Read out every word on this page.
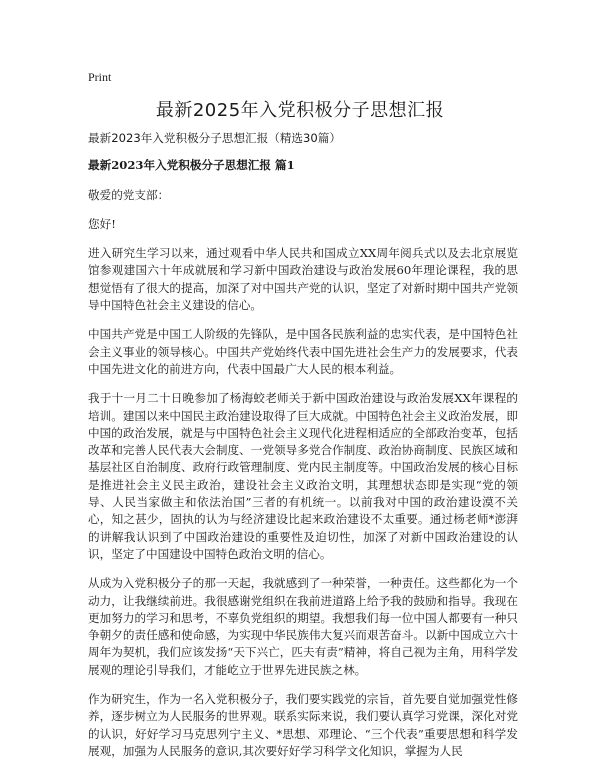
Print
最新2025年入党积极分子思想汇报

最新2023年入党积极分子思想汇报（精选30篇）

最新2023年入党积极分子思想汇报 篇1

敬爱的党支部：

您好!

进入研究生学习以来，通过观看中华人民共和国成立XX周年阅兵式以及去北京展览馆参观建国六十年成就展和学习新中国政治建设与政治发展60年理论课程，我的思想觉悟有了很大的提高，加深了对中国共产党的认识，坚定了对新时期中国共产党领导中国特色社会主义建设的信心。

中国共产党是中国工人阶级的先锋队，是中国各民族利益的忠实代表，是中国特色社会主义事业的领导核心。中国共产党始终代表中国先进社会生产力的发展要求，代表中国先进文化的前进方向，代表中国最广大人民的根本利益。

我于十一月二十日晚参加了杨海蛟老师关于新中国政治建设与政治发展XX年课程的培训。建国以来中国民主政治建设取得了巨大成就。中国特色社会主义政治发展，即中国的政治发展，就是与中国特色社会主义现代化进程相适应的全部政治变革，包括改革和完善人民代表大会制度、一党领导多党合作制度、政治协商制度、民族区域和基层社区自治制度、政府行政管理制度、党内民主制度等。中国政治发展的核心目标是推进社会主义民主政治，建设社会主义政治文明，其理想状态即是实现“党的领导、人民当家做主和依法治国”三者的有机统一。以前我对中国的政治建设漠不关心，知之甚少，固执的认为与经济建设比起来政治建设不太重要。通过杨老师*澎湃的讲解我认识到了中国政治建设的重要性及迫切性，加深了对新中国政治建设的认识，坚定了中国建设中国特色政治文明的信心。

从成为入党积极分子的那一天起，我就感到了一种荣誉，一种责任。这些都化为一个动力，让我继续前进。我很感谢党组织在我前进道路上给予我的鼓励和指导。我现在更加努力的学习和思考，不辜负党组织的期望。我想我们每一位中国人都要有一种只争朝夕的责任感和使命感，为实现中华民族伟大复兴而艰苦奋斗。以新中国成立六十周年为契机，我们应该发扬“天下兴亡，匹夫有责”精神，将自己视为主角，用科学发展观的理论引导我们，才能屹立于世界先进民族之林。

作为研究生，作为一名入党积极分子，我们要实践党的宗旨，首先要自觉加强党性修养，逐步树立为人民服务的世界观。联系实际来说，我们要认真学习党课，深化对党的认识，好好学习马克思列宁主义、*思想、邓理论、“三个代表”重要思想和科学发展观，加强为人民服务的意识,其次要好好学习科学文化知识，掌握为人民
